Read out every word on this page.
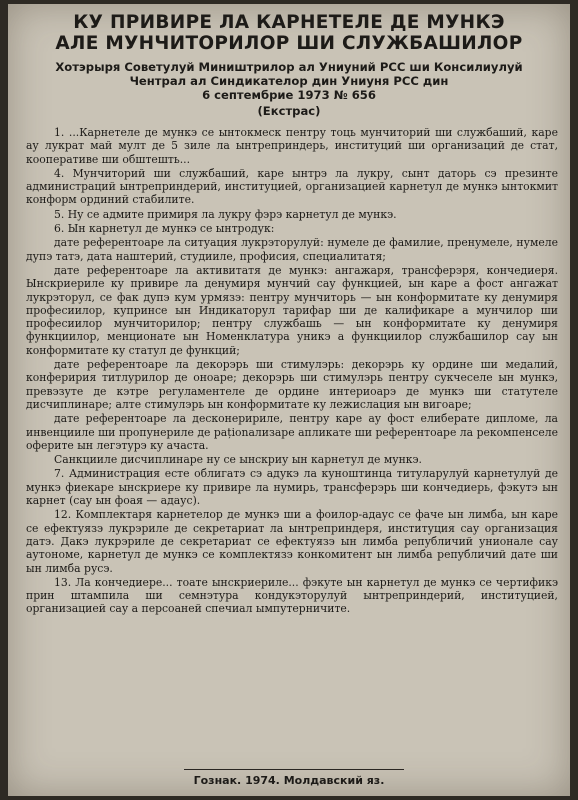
КУ ПРИВИРЕ ЛА КАРНЕТЕЛЕ ДЕ МУНКЭ
АЛЕ МУНЧИТОРИЛОР ШИ СЛУЖБАШИЛОР
Хотэрыря Советулуй Миништрилор ал Униуний РСС ши Консилиулуй
Чентрал ал Синдикателор дин Униуня РСС дин
6 септембрие 1973 № 656
(Екстрас)

1. ...Карнетеле де мункэ се ынтокмеск пентру тоць мунчиторий ши службаший, каре ау лукрат май мулт де 5 зиле ла ынтреприндерь, институций ши организаций де стат, кооперативе ши обштешть...

4. Мунчиторий ши службаший, каре ынтрэ ла лукру, сынт даторь сэ презинте администраций ынтреприндерий, институцией, организацией карнетул де мункэ ынтокмит конформ ординий стабилите.

5. Ну се адмите примиря ла лукру фэрэ карнетул де мункэ.

6. Ын карнетул де мункэ се ынтродук:

дате референтоаре ла ситуация лукрэторулуй: нумеле де фамилие, пренумеле, нумеле дупэ татэ, дата наштерий, студииле, профисия, специалитатя;

дате референтоаре ла активитатя де мункэ: ангажаря, трансферэря, кончедиеря. Ынскриериле ку привире ла денумиря мунчий сау функцией, ын каре а фост ангажат лукрэторул, се фак дупэ кум урмязэ: пентру мунчиторь — ын конформитате ку денумиря професиилор, купринсе ын Индикаторул тарифар ши де калификаре а мунчилор ши професиилор мунчиторилор; пентру службашь — ын конформитате ку денумиря функциилор, менционате ын Номенклатура уникэ а функциилор службашилор сау ын конформитате ку статул де функций;

дате референтоаре ла декорэрь ши стимулэрь: декорэрь ку ордине ши медалий, конферирия титлурилор де оноаре; декорэрь ши стимулэрь пентру сукчеселе ын мункэ, превэзуте де кэтре регуламентеле де ордине интериоарэ де мункэ ши статутеле дисчиплинаре; алте стимулэрь ын конформитате ку лежислация ын вигоаре;

дате референтоаре ла десконеририле, пентру каре ау фост елиберате дипломе, ла инвенцииле ши пропунериле де раționализаре апликате ши референтоаре ла рекомпенселе оферите ын легэтурэ ку ачаста.

Санкцииле дисчиплинаре ну се ынскриу ын карнетул де мункэ.

7. Администрация есте облигатэ сэ адукэ ла куноштинца титуларулуй карнетулуй де мункэ фиекаре ынскриере ку привире ла нумирь, трансферэрь ши кончедиерь, фэкутэ ын карнет (сау ын фоая — адаус).

12. Комплектаря карнетелор де мункэ ши а фоилор-адаус се фаче ын лимба, ын каре се ефектуязэ лукрэриле де секретариат ла ынтреприндеря, институция сау организация датэ. Дакэ лукрэриле де секретариат се ефектуязэ ын лимба републичий унионале сау аутономе, карнетул де мункэ се комплектязэ конкомитент ын лимба републичий дате ши ын лимба русэ.

13. Ла кончедиере... тоате ынскриериле... фэкуте ын карнетул де мункэ се чертификэ прин штампила ши семнэтура кондукэторулуй ынтреприндерий, институцией, организацией сау а персоаней спечиал ымпутерничите.

Гознак. 1974. Молдавский яз.
